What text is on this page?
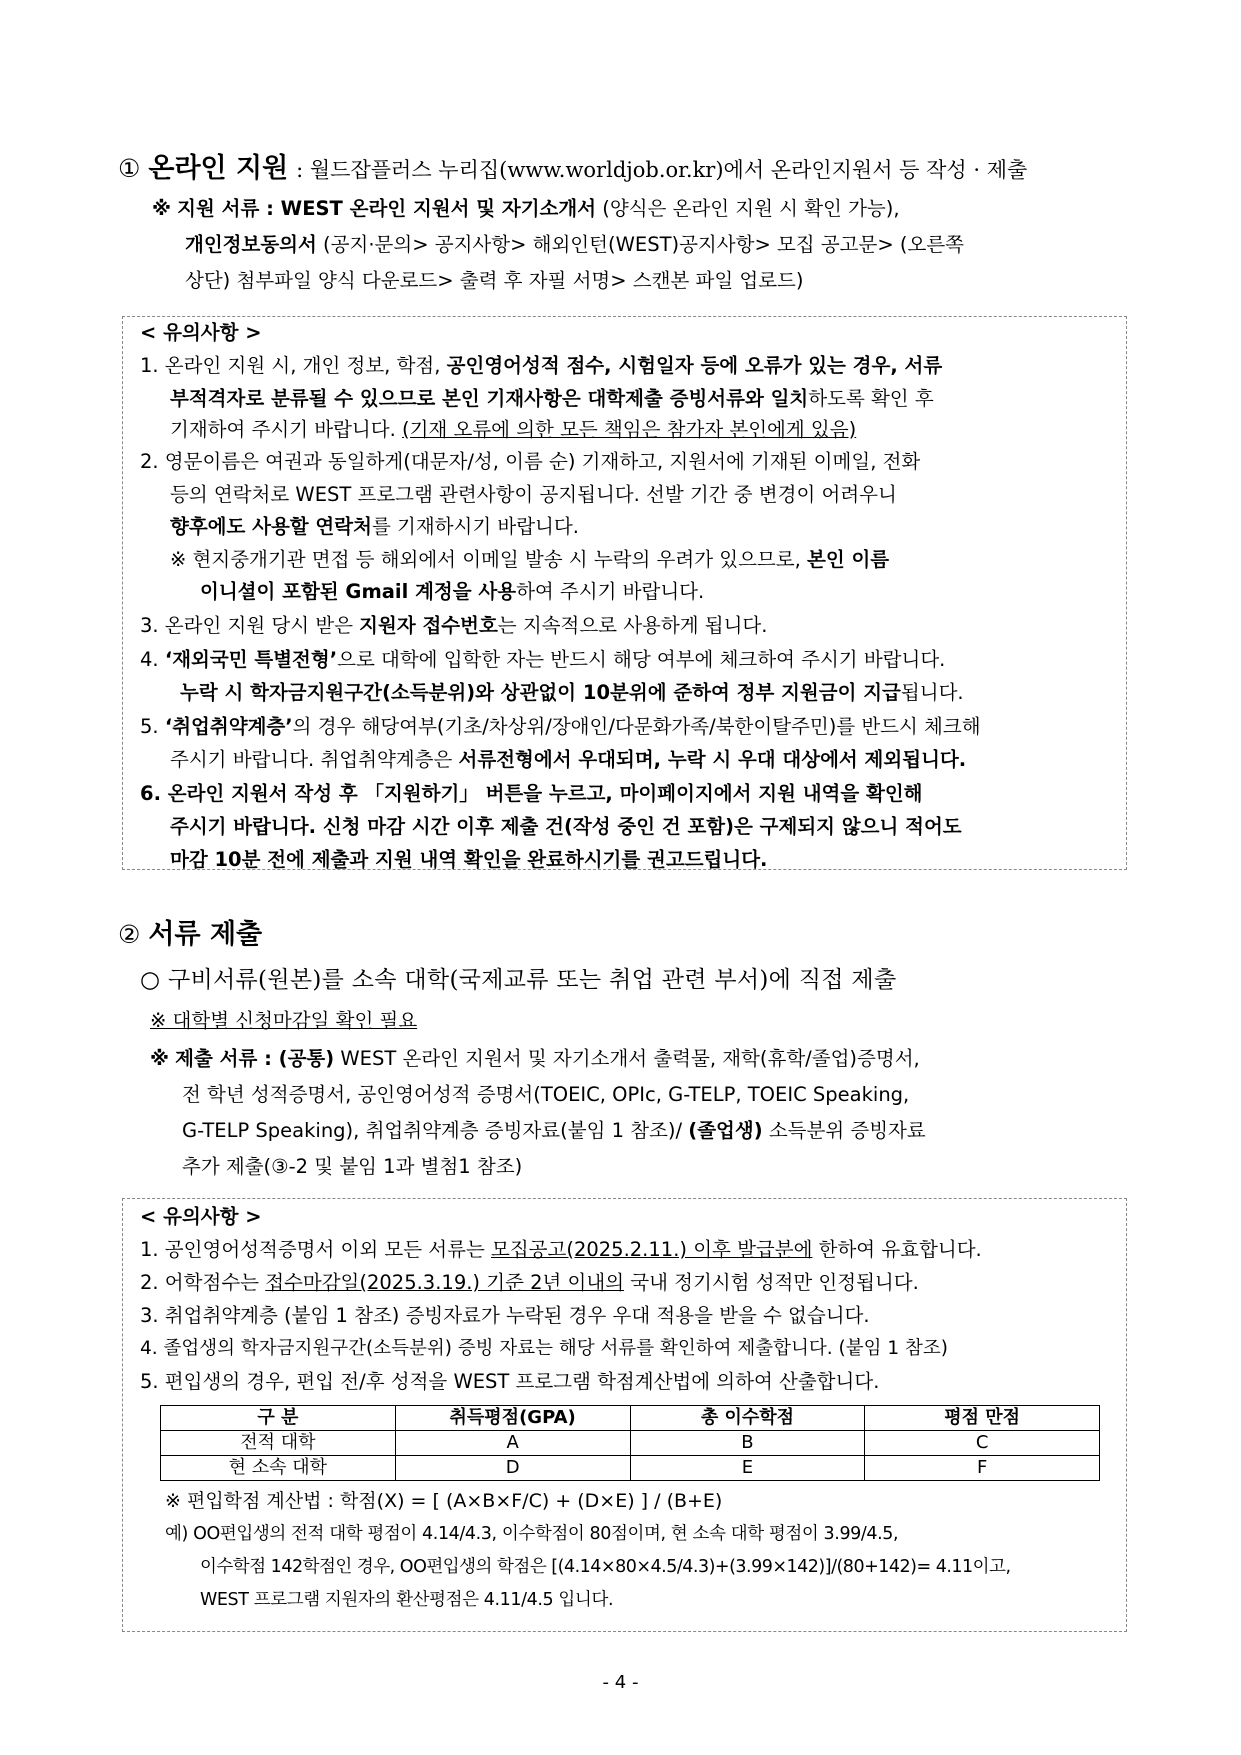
① 온라인 지원 : 월드잡플러스 누리집(www.worldjob.or.kr)에서 온라인지원서 등 작성 · 제출
※ 지원 서류 : WEST 온라인 지원서 및 자기소개서 (양식은 온라인 지원 시 확인 가능),
개인정보동의서 (공지·문의> 공지사항> 해외인턴(WEST)공지사항> 모집 공고문> (오른쪽
상단) 첨부파일 양식 다운로드> 출력 후 자필 서명> 스캔본 파일 업로드)
< 유의사항 >
1. 온라인 지원 시, 개인 정보, 학점, 공인영어성적 점수, 시험일자 등에 오류가 있는 경우, 서류
부적격자로 분류될 수 있으므로 본인 기재사항은 대학제출 증빙서류와 일치하도록 확인 후
기재하여 주시기 바랍니다. (기재 오류에 의한 모든 책임은 참가자 본인에게 있음)
2. 영문이름은 여권과 동일하게(대문자/성, 이름 순) 기재하고, 지원서에 기재된 이메일, 전화
등의 연락처로 WEST 프로그램 관련사항이 공지됩니다. 선발 기간 중 변경이 어려우니
향후에도 사용할 연락처를 기재하시기 바랍니다.
※ 현지중개기관 면접 등 해외에서 이메일 발송 시 누락의 우려가 있으므로, 본인 이름
이니셜이 포함된 Gmail 계정을 사용하여 주시기 바랍니다.
3. 온라인 지원 당시 받은 지원자 접수번호는 지속적으로 사용하게 됩니다.
4. ‘재외국민 특별전형’으로 대학에 입학한 자는 반드시 해당 여부에 체크하여 주시기 바랍니다.
누락 시 학자금지원구간(소득분위)와 상관없이 10분위에 준하여 정부 지원금이 지급됩니다.
5. ‘취업취약계층’의 경우 해당여부(기초/차상위/장애인/다문화가족/북한이탈주민)를 반드시 체크해
주시기 바랍니다. 취업취약계층은 서류전형에서 우대되며, 누락 시 우대 대상에서 제외됩니다.
6. 온라인 지원서 작성 후 「지원하기」 버튼을 누르고, 마이페이지에서 지원 내역을 확인해
주시기 바랍니다. 신청 마감 시간 이후 제출 건(작성 중인 건 포함)은 구제되지 않으니 적어도
마감 10분 전에 제출과 지원 내역 확인을 완료하시기를 권고드립니다.
② 서류 제출
○ 구비서류(원본)를 소속 대학(국제교류 또는 취업 관련 부서)에 직접 제출
※ 대학별 신청마감일 확인 필요
※ 제출 서류 : (공통) WEST 온라인 지원서 및 자기소개서 출력물, 재학(휴학/졸업)증명서,
전 학년 성적증명서, 공인영어성적 증명서(TOEIC, OPIc, G-TELP, TOEIC Speaking,
G-TELP Speaking), 취업취약계층 증빙자료(붙임 1 참조)/ (졸업생) 소득분위 증빙자료
추가 제출(③-2 및 붙임 1과 별첨1 참조)
< 유의사항 >
1. 공인영어성적증명서 이외 모든 서류는 모집공고(2025.2.11.) 이후 발급분에 한하여 유효합니다.
2. 어학점수는 접수마감일(2025.3.19.) 기준 2년 이내의 국내 정기시험 성적만 인정됩니다.
3. 취업취약계층 (붙임 1 참조) 증빙자료가 누락된 경우 우대 적용을 받을 수 없습니다.
4. 졸업생의 학자금지원구간(소득분위) 증빙 자료는 해당 서류를 확인하여 제출합니다. (붙임 1 참조)
5. 편입생의 경우, 편입 전/후 성적을 WEST 프로그램 학점계산법에 의하여 산출합니다.
구 분	취득평점(GPA)	총 이수학점	평점 만점
전적 대학	A	B	C
현 소속 대학	D	E	F
※ 편입학점 계산법 : 학점(X) = [ (A×B×F/C) + (D×E) ] / (B+E)
예) OO편입생의 전적 대학 평점이 4.14/4.3, 이수학점이 80점이며, 현 소속 대학 평점이 3.99/4.5,
이수학점 142학점인 경우, OO편입생의 학점은 [(4.14×80×4.5/4.3)+(3.99×142)]/(80+142)= 4.11이고,
WEST 프로그램 지원자의 환산평점은 4.11/4.5 입니다.
- 4 -
